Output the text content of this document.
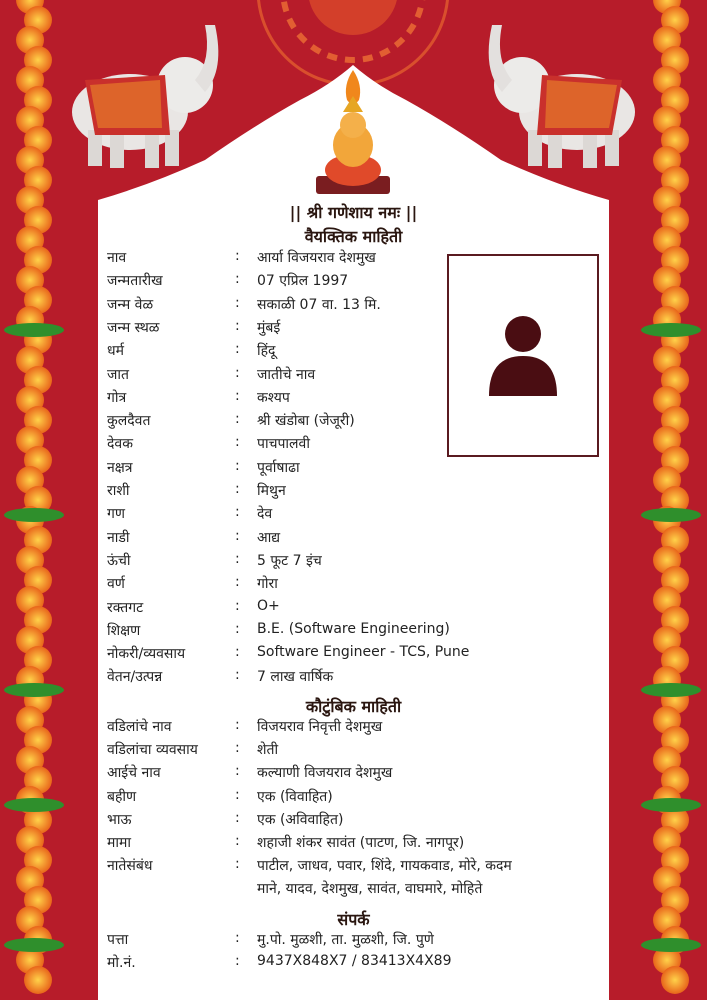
|| श्री गणेशाय नमः ||
वैयक्तिक माहिती
नाव	: आर्या विजयराव देशमुख
जन्मतारीख	: 07 एप्रिल 1997
जन्म वेळ	: सकाळी 07 वा. 13 मि.
जन्म स्थळ	: मुंबई
धर्म	: हिंदू
जात	: जातीचे नाव
गोत्र	: कश्यप
कुलदैवत	: श्री खंडोबा (जेजूरी)
देवक	: पाचपालवी
नक्षत्र	: पूर्वाषाढा
राशी	: मिथुन
गण	: देव
नाडी	: आद्य
ऊंची	: 5 फूट 7 इंच
वर्ण	: गोरा
रक्तगट	: O+
शिक्षण	: B.E. (Software Engineering)
नोकरी/व्यवसाय	: Software Engineer - TCS, Pune
वेतन/उत्पन्न	: 7 लाख वार्षिक
कौटुंबिक माहिती
वडिलांचे नाव	: विजयराव निवृत्ती देशमुख
वडिलांचा व्यवसाय	: शेती
आईचे नाव	: कल्याणी विजयराव देशमुख
बहीण	: एक (विवाहित)
भाऊ	: एक (अविवाहित)
मामा	: शहाजी शंकर सावंत (पाटण, जि. नागपूर)
नातेसंबंध	: पाटील, जाधव, पवार, शिंदे, गायकवाड, मोरे, कदम
माने, यादव, देशमुख, सावंत, वाघमारे, मोहिते
संपर्क
पत्ता	: मु.पो. मुळशी, ता. मुळशी, जि. पुणे
मो.नं.	: 9437X848X7 / 83413X4X89
